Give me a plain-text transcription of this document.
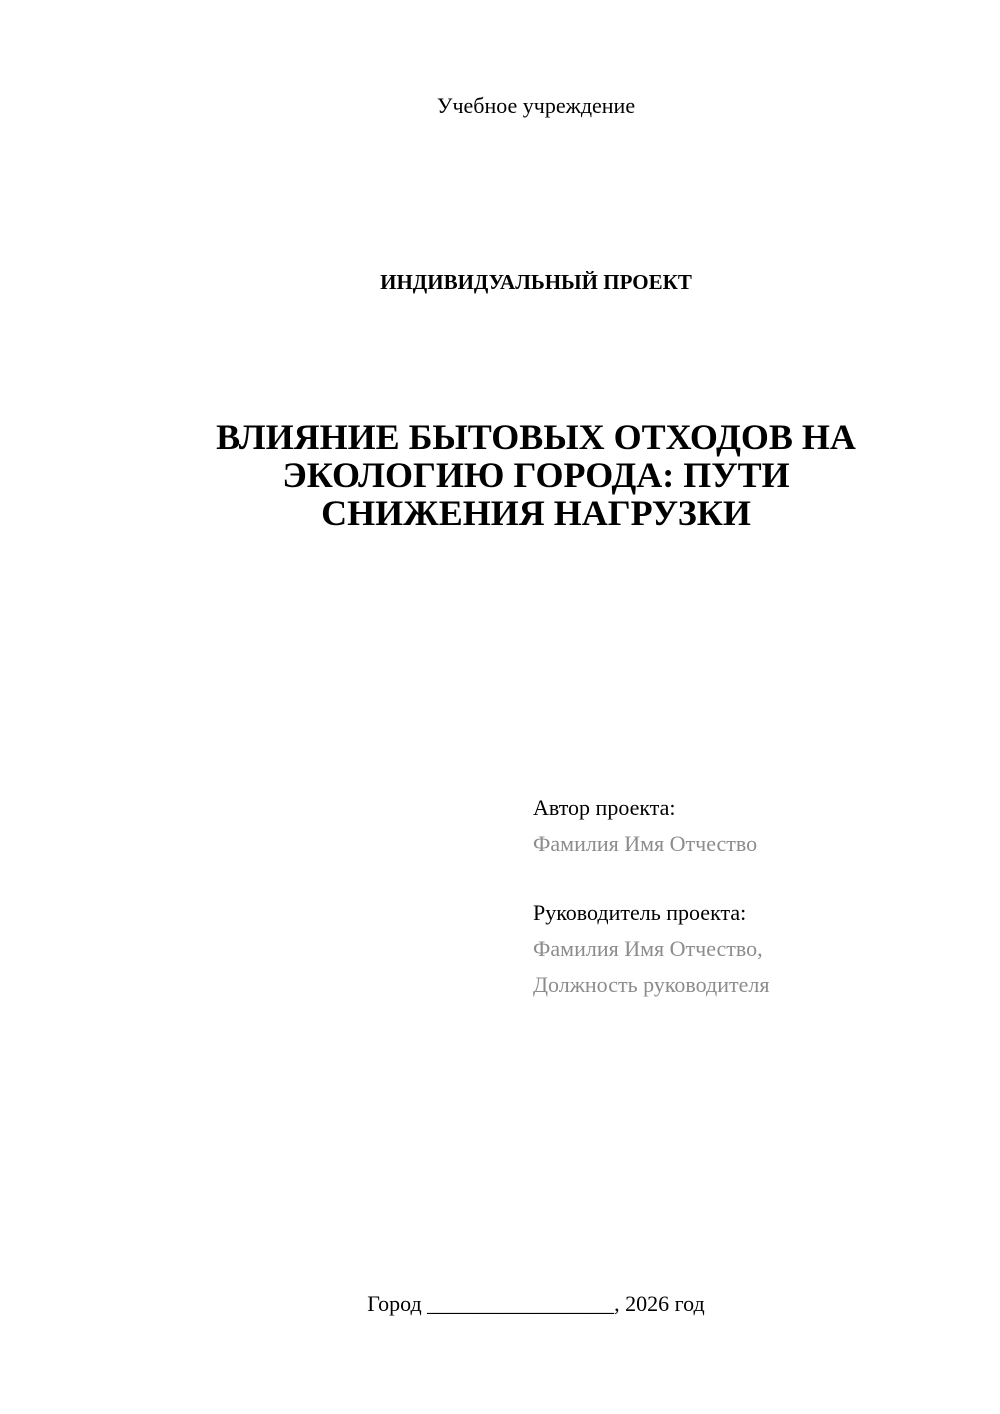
Учебное учреждение
ИНДИВИДУАЛЬНЫЙ ПРОЕКТ
ВЛИЯНИЕ БЫТОВЫХ ОТХОДОВ НА
ЭКОЛОГИЮ ГОРОДА: ПУТИ
СНИЖЕНИЯ НАГРУЗКИ
Автор проекта:
Фамилия Имя Отчество
Руководитель проекта:
Фамилия Имя Отчество,
Должность руководителя
Город _________________, 2026 год
